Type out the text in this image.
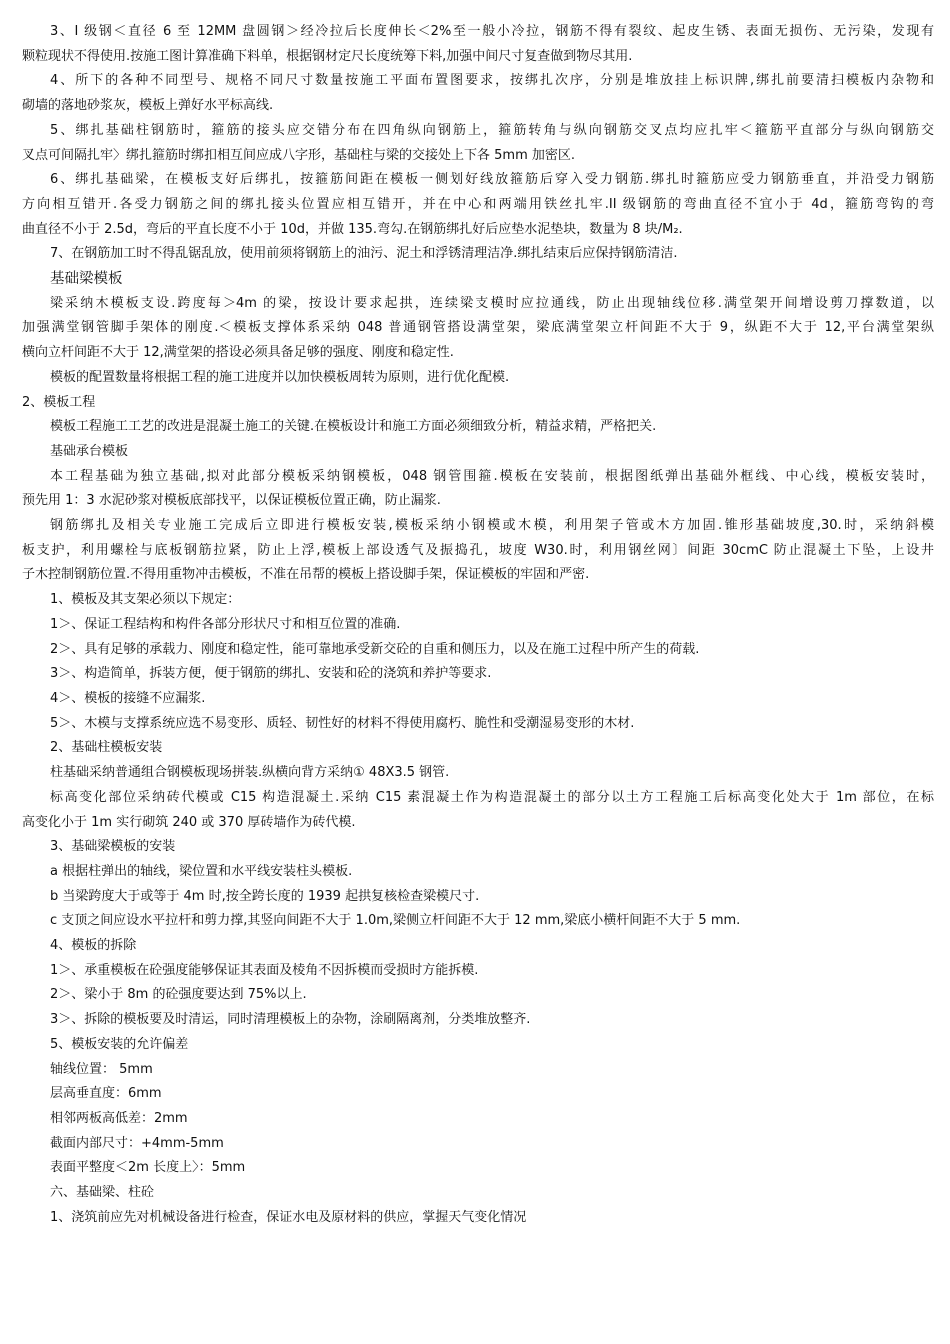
3、I 级钢＜直径 6 至 12MM 盘圆钢＞经冷拉后长度伸长＜2%至一般小冷拉，钢筋不得有裂纹、起皮生锈、表面无损伤、无污染，发现有
颗粒现状不得使用.按施工图计算准确下料单，根据钢材定尺长度统筹下料,加强中间尺寸复查做到物尽其用.
4、所下的各种不同型号、规格不同尺寸数量按施工平面布置图要求，按绑扎次序，分别是堆放挂上标识牌,绑扎前要清扫模板内杂物和
砌墙的落地砂浆灰，模板上弹好水平标高线.
5、绑扎基础柱钢筋时，箍筋的接头应交错分布在四角纵向钢筋上，箍筋转角与纵向钢筋交叉点均应扎牢＜箍筋平直部分与纵向钢筋交
叉点可间隔扎牢〉绑扎箍筋时绑扣相互间应成八字形，基础柱与梁的交接处上下各 5mm 加密区.
6、绑扎基础梁，在模板支好后绑扎，按箍筋间距在模板一侧划好线放箍筋后穿入受力钢筋.绑扎时箍筋应受力钢筋垂直，并沿受力钢筋
方向相互错开.各受力钢筋之间的绑扎接头位置应相互错开，并在中心和两端用铁丝扎牢.II 级钢筋的弯曲直径不宜小于 4d，箍筋弯钩的弯
曲直径不小于 2.5d，弯后的平直长度不小于 10d，并做 135.弯勾.在钢筋绑扎好后应垫水泥垫块，数量为 8 块/M₂.
7、在钢筋加工时不得乱锯乱放，使用前须将钢筋上的油污、泥土和浮锈清理洁净.绑扎结束后应保持钢筋清洁.
基础梁模板
梁采纳木模板支设.跨度每＞4m 的梁，按设计要求起拱，连续梁支模时应拉通线，防止出现轴线位移.满堂架开间增设剪刀撑数道，以
加强满堂钢管脚手架体的刚度.＜模板支撑体系采纳 048 普通钢管搭设满堂架，梁底满堂架立杆间距不大于 9，纵距不大于 12,平台满堂架纵
横向立杆间距不大于 12,满堂架的搭设必须具备足够的强度、刚度和稳定性.
模板的配置数量将根据工程的施工进度并以加快模板周转为原则，进行优化配模.
2、模板工程
模板工程施工工艺的改进是混凝土施工的关键.在模板设计和施工方面必须细致分析，精益求精，严格把关.
基础承台模板
本工程基础为独立基础,拟对此部分模板采纳钢模板，048 钢管围箍.模板在安装前，根据图纸弹出基础外框线、中心线，模板安装时，
预先用 1：3 水泥砂浆对模板底部找平，以保证模板位置正确，防止漏浆.
钢筋绑扎及相关专业施工完成后立即进行模板安装,模板采纳小钢模或木模，利用架子管或木方加固.锥形基础坡度,30.时，采纳斜模
板支护，利用螺栓与底板钢筋拉紧，防止上浮,模板上部设透气及振捣孔，坡度 W30.时，利用钢丝网〕间距 30cmC 防止混凝土下坠，上设井
子木控制钢筋位置.不得用重物冲击模板，不准在吊帮的模板上搭设脚手架，保证模板的牢固和严密.
1、模板及其支架必须以下规定：
1＞、保证工程结构和构件各部分形状尺寸和相互位置的准确.
2＞、具有足够的承载力、刚度和稳定性，能可靠地承受新交砼的自重和侧压力，以及在施工过程中所产生的荷载.
3＞、构造简单，拆装方便，便于钢筋的绑扎、安装和砼的浇筑和养护等要求.
4＞、模板的接缝不应漏浆.
5＞、木模与支撑系统应选不易变形、质轻、韧性好的材料不得使用腐朽、脆性和受潮湿易变形的木材.
2、基础柱模板安装
柱基础采纳普通组合钢模板现场拼装.纵横向背方采纳① 48X3.5 钢管.
标高变化部位采纳砖代模或 C15 构造混凝土.采纳 C15 素混凝土作为构造混凝土的部分以土方工程施工后标高变化处大于 1m 部位，在标
高变化小于 1m 实行砌筑 240 或 370 厚砖墙作为砖代模.
3、基础梁模板的安装
a 根据柱弹出的轴线，梁位置和水平线安装柱头模板.
b 当梁跨度大于或等于 4m 时,按全跨长度的 1939 起拱复核检查梁模尺寸.
c 支顶之间应设水平拉杆和剪力撑,其竖向间距不大于 1.0m,梁侧立杆间距不大于 12 mm,梁底小横杆间距不大于 5 mm.
4、模板的拆除
1＞、承重模板在砼强度能够保证其表面及棱角不因拆模而受损时方能拆模.
2＞、梁小于 8m 的砼强度要达到 75%以上.
3＞、拆除的模板要及时清运，同时清理模板上的杂物，涂刷隔离剂，分类堆放整齐.
5、模板安装的允许偏差
轴线位置： 5mm
层高垂直度：6mm
相邻两板高低差：2mm
截面内部尺寸：+4mm-5mm
表面平整度＜2m 长度上〉：5mm
六、基础梁、柱砼
1、浇筑前应先对机械设备进行检查，保证水电及原材料的供应，掌握天气变化情况
